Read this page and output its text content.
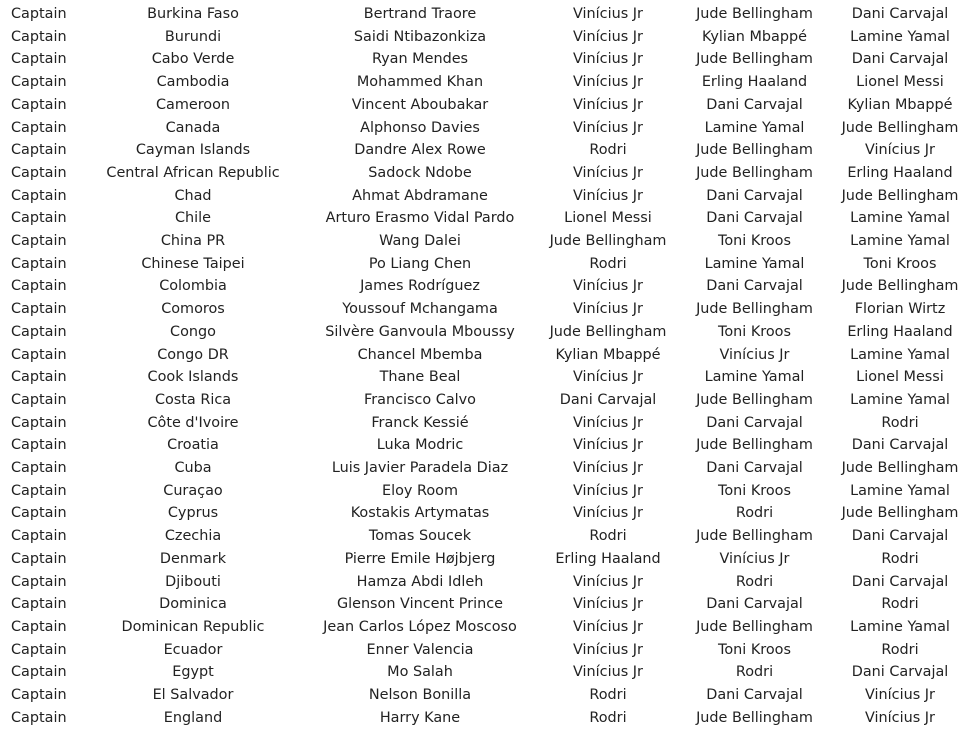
Captain	Burkina Faso	Bertrand Traore	Vinícius Jr	Jude Bellingham	Dani Carvajal
Captain	Burundi	Saidi Ntibazonkiza	Vinícius Jr	Kylian Mbappé	Lamine Yamal
Captain	Cabo Verde	Ryan Mendes	Vinícius Jr	Jude Bellingham	Dani Carvajal
Captain	Cambodia	Mohammed Khan	Vinícius Jr	Erling Haaland	Lionel Messi
Captain	Cameroon	Vincent Aboubakar	Vinícius Jr	Dani Carvajal	Kylian Mbappé
Captain	Canada	Alphonso Davies	Vinícius Jr	Lamine Yamal	Jude Bellingham
Captain	Cayman Islands	Dandre Alex Rowe	Rodri	Jude Bellingham	Vinícius Jr
Captain	Central African Republic	Sadock Ndobe	Vinícius Jr	Jude Bellingham	Erling Haaland
Captain	Chad	Ahmat Abdramane	Vinícius Jr	Dani Carvajal	Jude Bellingham
Captain	Chile	Arturo Erasmo Vidal Pardo	Lionel Messi	Dani Carvajal	Lamine Yamal
Captain	China PR	Wang Dalei	Jude Bellingham	Toni Kroos	Lamine Yamal
Captain	Chinese Taipei	Po Liang Chen	Rodri	Lamine Yamal	Toni Kroos
Captain	Colombia	James Rodríguez	Vinícius Jr	Dani Carvajal	Jude Bellingham
Captain	Comoros	Youssouf Mchangama	Vinícius Jr	Jude Bellingham	Florian Wirtz
Captain	Congo	Silvère Ganvoula Mboussy	Jude Bellingham	Toni Kroos	Erling Haaland
Captain	Congo DR	Chancel Mbemba	Kylian Mbappé	Vinícius Jr	Lamine Yamal
Captain	Cook Islands	Thane Beal	Vinícius Jr	Lamine Yamal	Lionel Messi
Captain	Costa Rica	Francisco Calvo	Dani Carvajal	Jude Bellingham	Lamine Yamal
Captain	Côte d'Ivoire	Franck Kessié	Vinícius Jr	Dani Carvajal	Rodri
Captain	Croatia	Luka Modric	Vinícius Jr	Jude Bellingham	Dani Carvajal
Captain	Cuba	Luis Javier Paradela Diaz	Vinícius Jr	Dani Carvajal	Jude Bellingham
Captain	Curaçao	Eloy Room	Vinícius Jr	Toni Kroos	Lamine Yamal
Captain	Cyprus	Kostakis Artymatas	Vinícius Jr	Rodri	Jude Bellingham
Captain	Czechia	Tomas Soucek	Rodri	Jude Bellingham	Dani Carvajal
Captain	Denmark	Pierre Emile Højbjerg	Erling Haaland	Vinícius Jr	Rodri
Captain	Djibouti	Hamza Abdi Idleh	Vinícius Jr	Rodri	Dani Carvajal
Captain	Dominica	Glenson Vincent Prince	Vinícius Jr	Dani Carvajal	Rodri
Captain	Dominican Republic	Jean Carlos López Moscoso	Vinícius Jr	Jude Bellingham	Lamine Yamal
Captain	Ecuador	Enner Valencia	Vinícius Jr	Toni Kroos	Rodri
Captain	Egypt	Mo Salah	Vinícius Jr	Rodri	Dani Carvajal
Captain	El Salvador	Nelson Bonilla	Rodri	Dani Carvajal	Vinícius Jr
Captain	England	Harry Kane	Rodri	Jude Bellingham	Vinícius Jr
